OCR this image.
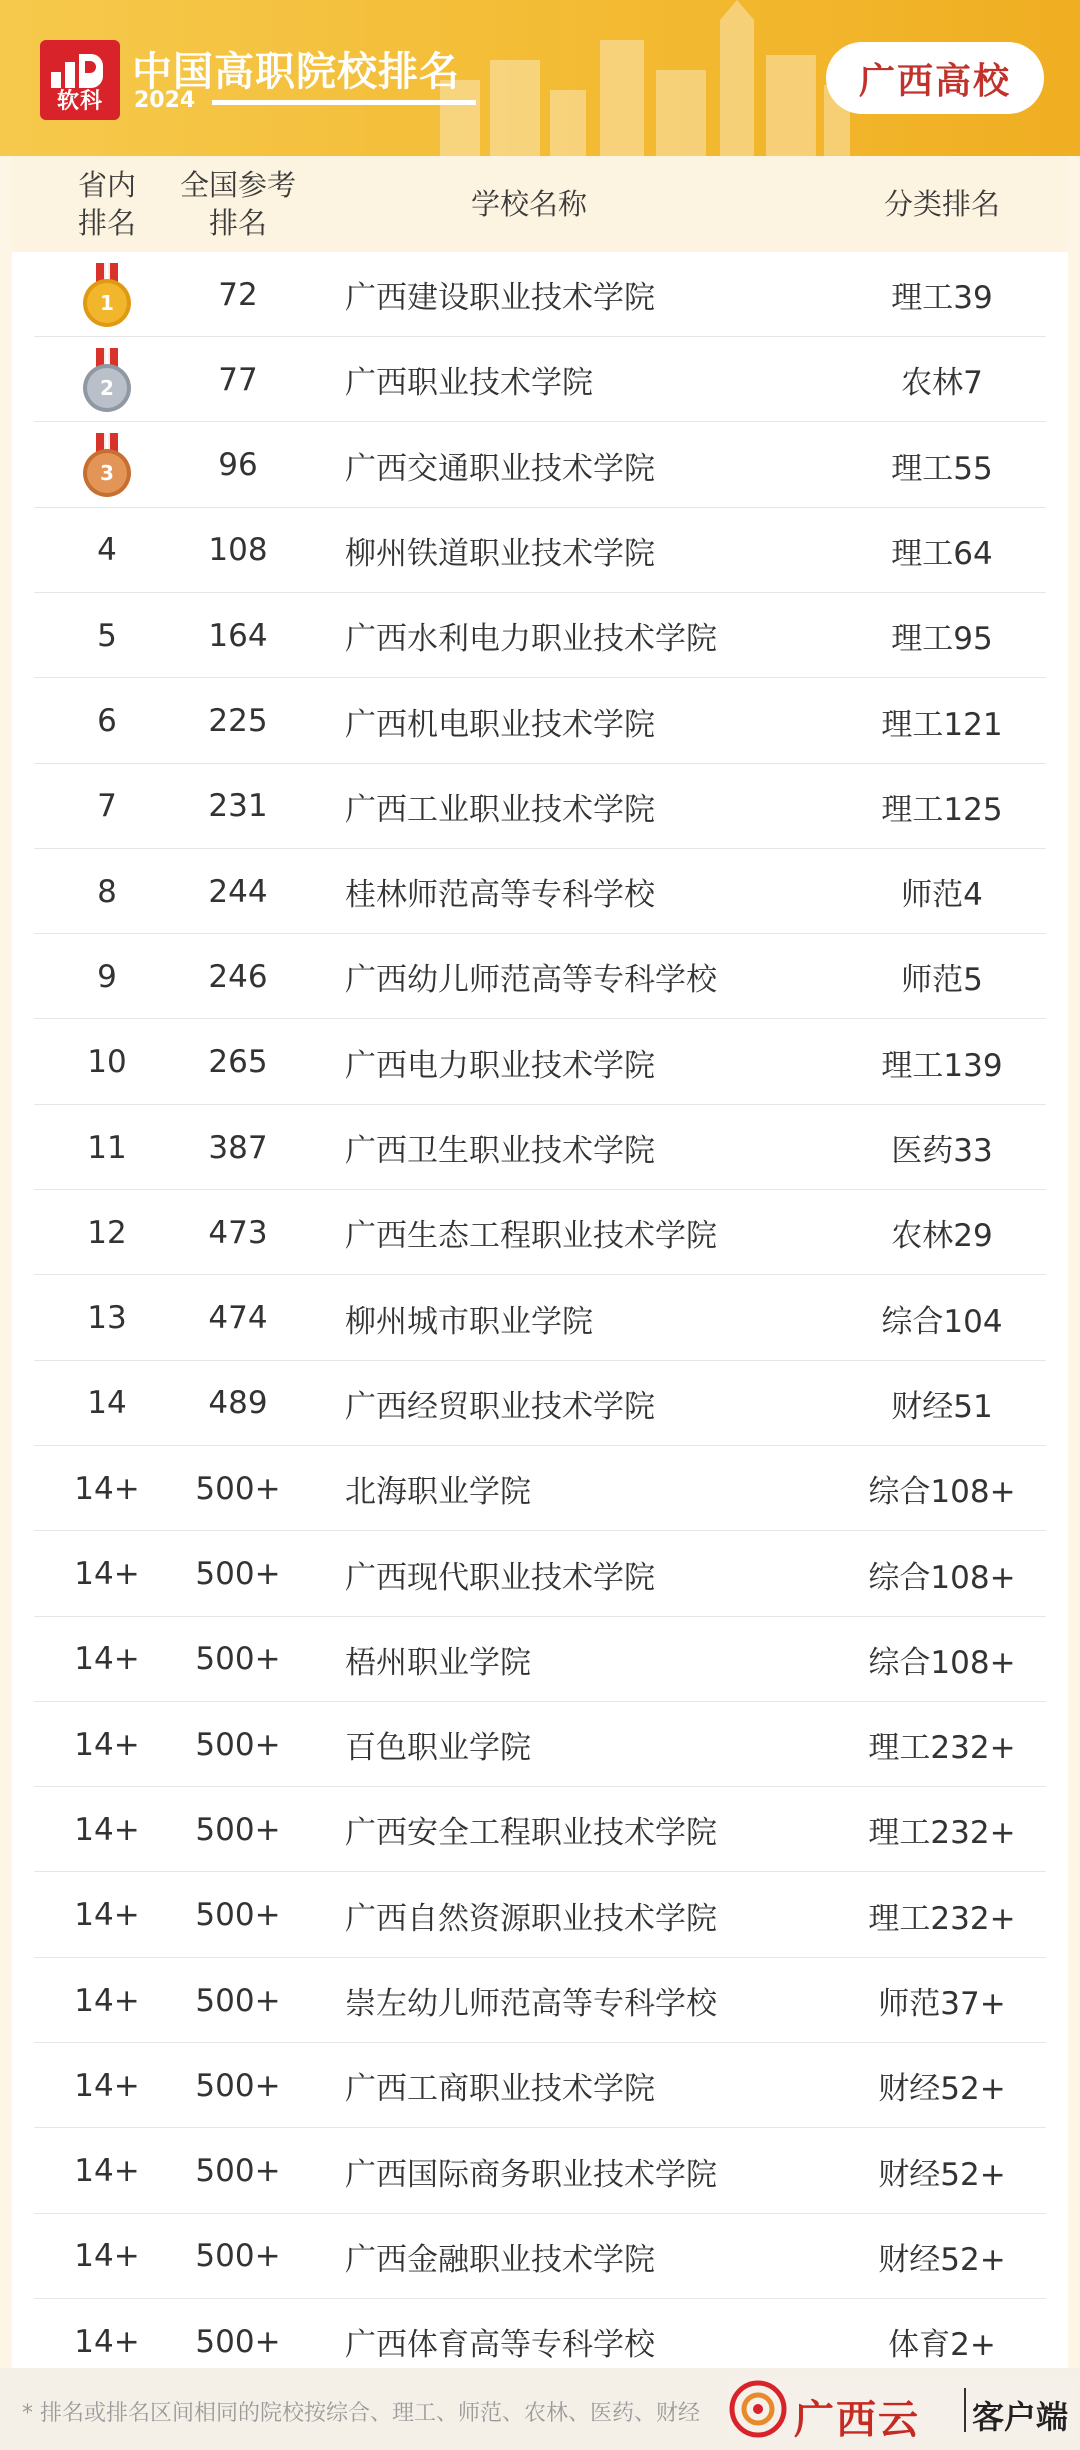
软科
中国高职院校排名
2024	广西高校
省内
排名
全国参考
排名
学校名称	分类排名
1	72	广西建设职业技术学院	理工39
2	77	广西职业技术学院	农林7
3	96	广西交通职业技术学院	理工55
4	108	柳州铁道职业技术学院	理工64
5	164	广西水利电力职业技术学院	理工95
6	225	广西机电职业技术学院	理工121
7	231	广西工业职业技术学院	理工125
8	244	桂林师范高等专科学校	师范4
9	246	广西幼儿师范高等专科学校	师范5
10	265	广西电力职业技术学院	理工139
11	387	广西卫生职业技术学院	医药33
12	473	广西生态工程职业技术学院	农林29
13	474	柳州城市职业学院	综合104
14	489	广西经贸职业技术学院	财经51
14+	500+	北海职业学院	综合108+
14+	500+	广西现代职业技术学院	综合108+
14+	500+	梧州职业学院	综合108+
14+	500+	百色职业学院	理工232+
14+	500+	广西安全工程职业技术学院	理工232+
14+	500+	广西自然资源职业技术学院	理工232+
14+	500+	崇左幼儿师范高等专科学校	师范37+
14+	500+	广西工商职业技术学院	财经52+
14+	500+	广西国际商务职业技术学院	财经52+
14+	500+	广西金融职业技术学院	财经52+
14+	500+	广西体育高等专科学校	体育2+
* 排名或排名区间相同的院校按综合、理工、师范、农林、医药、财经 广西云 客户端
